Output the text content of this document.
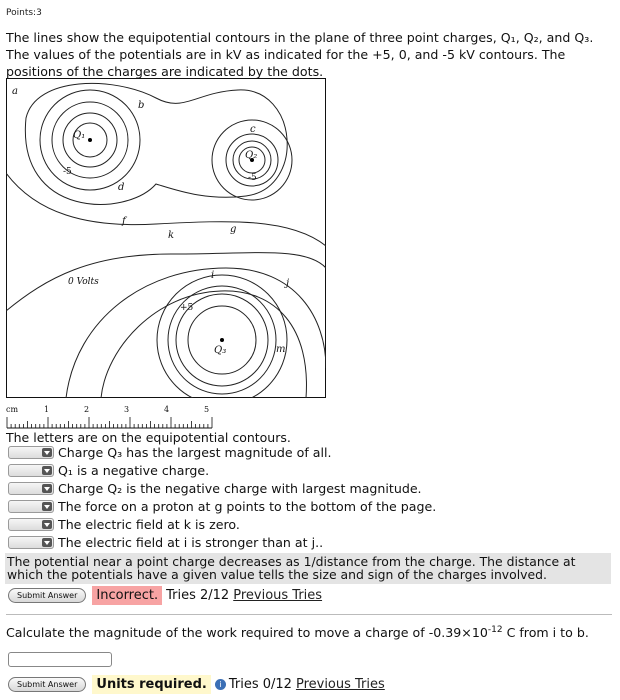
Points:3
The lines show the equipotential contours in the plane of three point charges, Q₁, Q₂, and Q₃. The values of the potentials are in kV as indicated for the +5, 0, and -5 kV contours. The positions of the charges are indicated by the dots.
a
b
c
d
f
k
g
i
j
m
Q₁
Q₂
Q₃
-5
-5
0 Volts
+5
cm	1	2	3	4	5
The letters are on the equipotential contours.
Charge Q₃ has the largest magnitude of all.
Q₁ is a negative charge.
Charge Q₂ is the negative charge with largest magnitude.
The force on a proton at g points to the bottom of the page.
The electric field at k is zero.
The electric field at i is stronger than at j..
The potential near a point charge decreases as 1/distance from the charge. The distance at which the potentials have a given value tells the size and sign of the charges involved.
Submit Answer	Incorrect. Tries 2/12 Previous Tries
Calculate the magnitude of the work required to move a charge of $-0.39\times 10^{-12}$ C from i to b.
Submit Answer	Units required.	i Tries 0/12 Previous Tries
